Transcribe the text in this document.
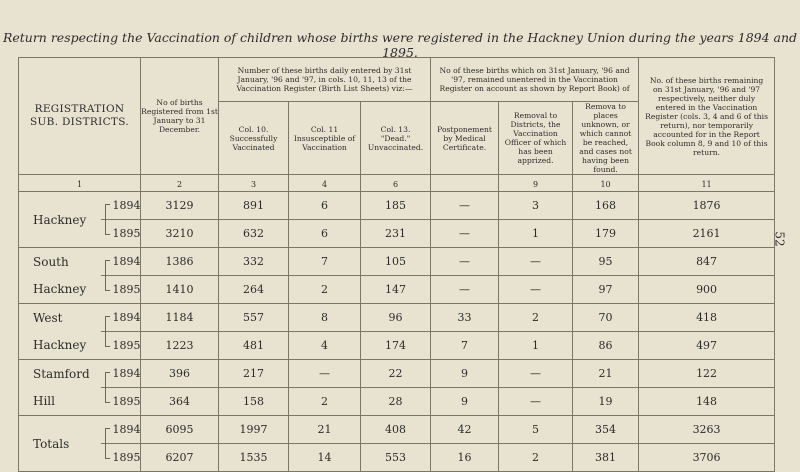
Return respecting the Vaccination of children whose births were registered in the Hackney Union during the years 1894 and 1895.
52
REGISTRATION SUB. DISTRICTS.		No of births Registered from 1st January to 31 December.	Number of these births daily entered by 31st January, '96 and '97, in cols. 10, 11, 13 of the Vaccination Register (Birth List Sheets) viz:—			No of these births which on 31st January, '96 and '97, remained unentered in the Vaccination Register on account as shown by Report Book) of			No. of these births remaining on 31st January, '96 and '97 respectively, neither duly entered in the Vaccination Register (cols. 3, 4 and 6 of this return), nor temporarily accounted for in the Report Book column 8, 9 and 10 of this return.
			Col. 10. Successfully Vaccinated	Col. 11 Insusceptible of Vaccination	Col. 13. "Dead." Unvaccinated.	Postponement by Medical Certificate.	Removal to Districts, the Vaccination Officer of which has been apprized.	Remova to places unknown, or which cannot be reached, and cases not having been found.	
1		2	3	4	6		9	10	11
Hackney	1894	3129	891	6	185	—	3	168	1876
	1895	3210	632	6	231	—	1	179	2161
South	1894	1386	332	7	105	—	—	95	847
Hackney	1895	1410	264	2	147	—	—	97	900
West	1894	1184	557	8	96	33	2	70	418
Hackney	1895	1223	481	4	174	7	1	86	497
Stamford	1894	396	217	—	22	9	—	21	122
Hill	1895	364	158	2	28	9	—	19	148
Totals	1894	6095	1997	21	408	42	5	354	3263
	1895	6207	1535	14	553	16	2	381	3706
